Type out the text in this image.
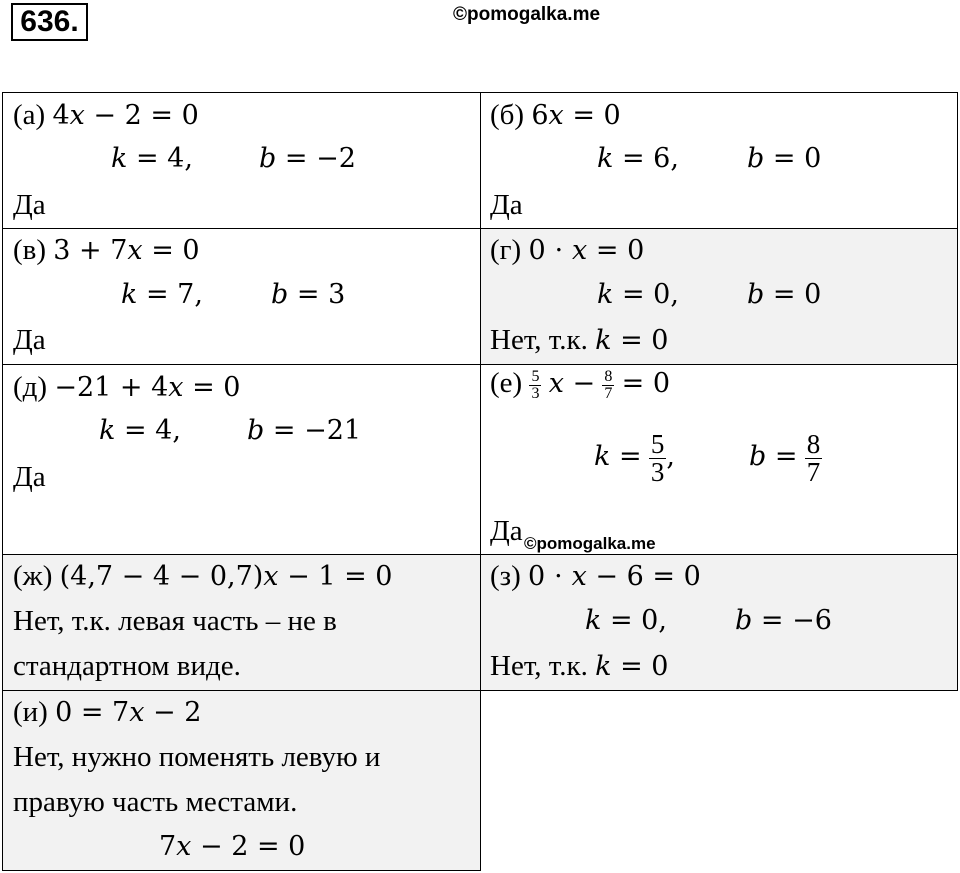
636.	©pomogalka.me
(а) 4𝑥 − 2 = 0
𝑘 = 4, 𝑏 = −2
Да
(б) 6𝑥 = 0
𝑘 = 6,	𝑏 = 0
Да
(в) 3 + 7𝑥 = 0
𝑘 = 7,	𝑏 = 3
Да
(г) 0 ⋅ 𝑥 = 0
𝑘 = 0,	𝑏 = 0
Нет, т.к. 𝑘 = 0
(д) −21 + 4𝑥 = 0
𝑘 = 4, 𝑏 = −21
Да
$(е) \frac{5}{3}$ 𝑥 − $\frac{8}{7} = 0$
𝑘 = $\frac{5}{3}$ ,	𝑏 = $\frac{8}{7}$
Да ©pomogalka.me
(ж) (4,7 − 4 − 0,7)𝑥 − 1 = 0
Нет, т.к. левая часть – не в
стандартном виде.
(з) 0 ⋅ 𝑥 − 6 = 0
𝑘 = 0,	𝑏 = −6
Нет, т.к. 𝑘 = 0
(и) 0 = 7𝑥 − 2
Нет, нужно поменять левую и
правую часть местами.
7𝑥 − 2 = 0
